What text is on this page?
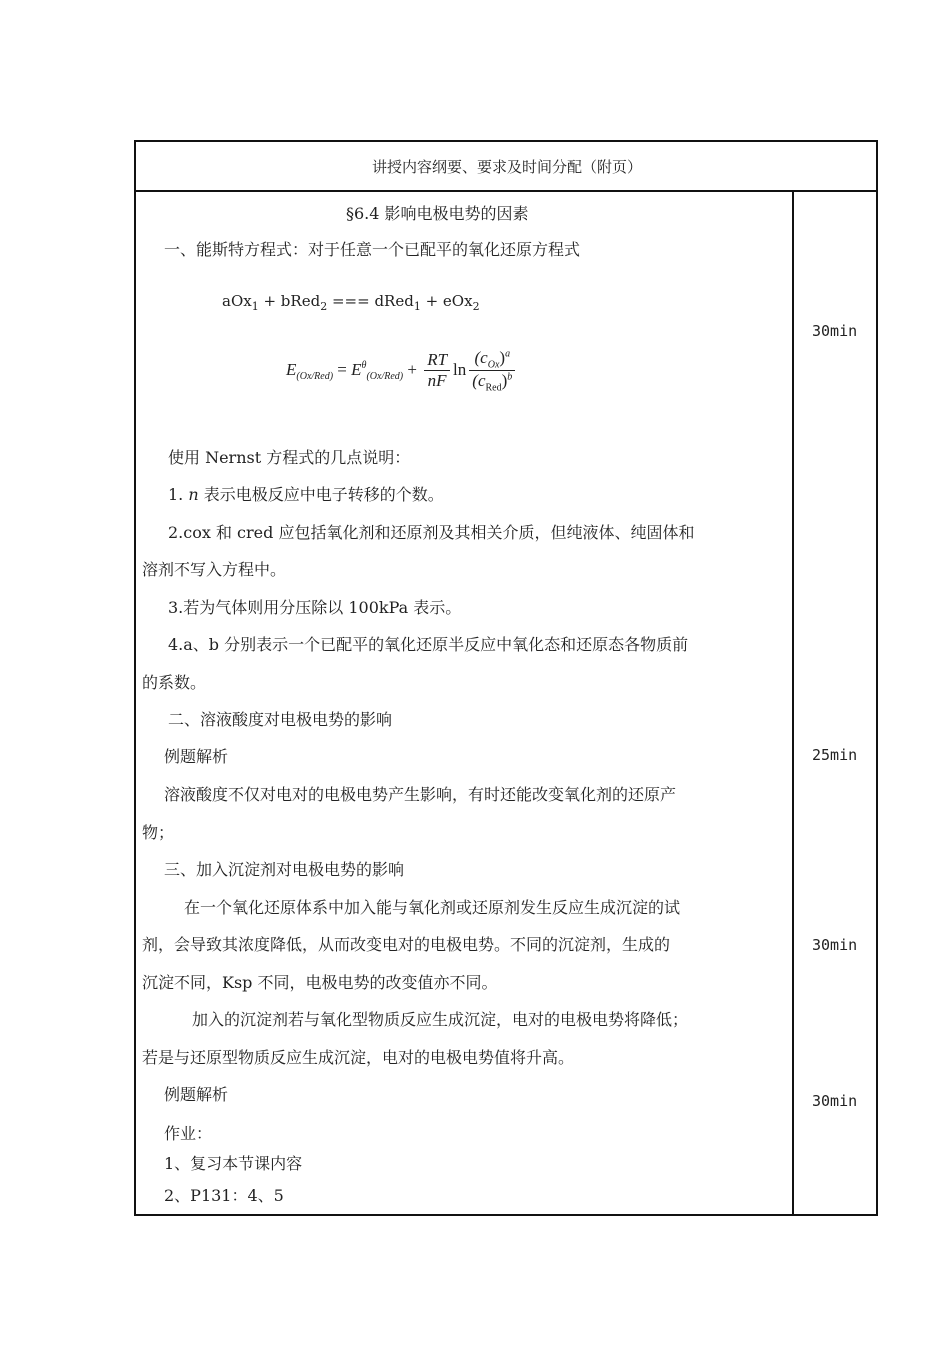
讲授内容纲要、要求及时间分配（附页）
§6.4 影响电极电势的因素
一、能斯特方程式：对于任意一个已配平的氧化还原方程式
aOx$_1$ + bRed$_2$ === dRed$_1$ + eOx$_2$
$E_{(Ox/Red)} = E^\theta_{(Ox/Red)} + \frac{RT}{nF}$ $\ln \frac{(c_{Ox})^a}{(c_{Red})^b}$
使用 Nernst 方程式的几点说明：
1. n 表示电极反应中电子转移的个数。
2.cox 和 cred 应包括氧化剂和还原剂及其相关介质，但纯液体、纯固体和
溶剂不写入方程中。
3.若为气体则用分压除以 100kPa 表示。
4.a、b 分别表示一个已配平的氧化还原半反应中氧化态和还原态各物质前
的系数。
二、溶液酸度对电极电势的影响
例题解析
溶液酸度不仅对电对的电极电势产生影响，有时还能改变氧化剂的还原产
物；
三、加入沉淀剂对电极电势的影响
在一个氧化还原体系中加入能与氧化剂或还原剂发生反应生成沉淀的试
剂，会导致其浓度降低，从而改变电对的电极电势。不同的沉淀剂，生成的
沉淀不同，Ksp 不同，电极电势的改变值亦不同。
加入的沉淀剂若与氧化型物质反应生成沉淀，电对的电极电势将降低；
若是与还原型物质反应生成沉淀，电对的电极电势值将升高。
例题解析
作业：
1、复习本节课内容
2、P131：4、5
30min
25min
30min
30min
